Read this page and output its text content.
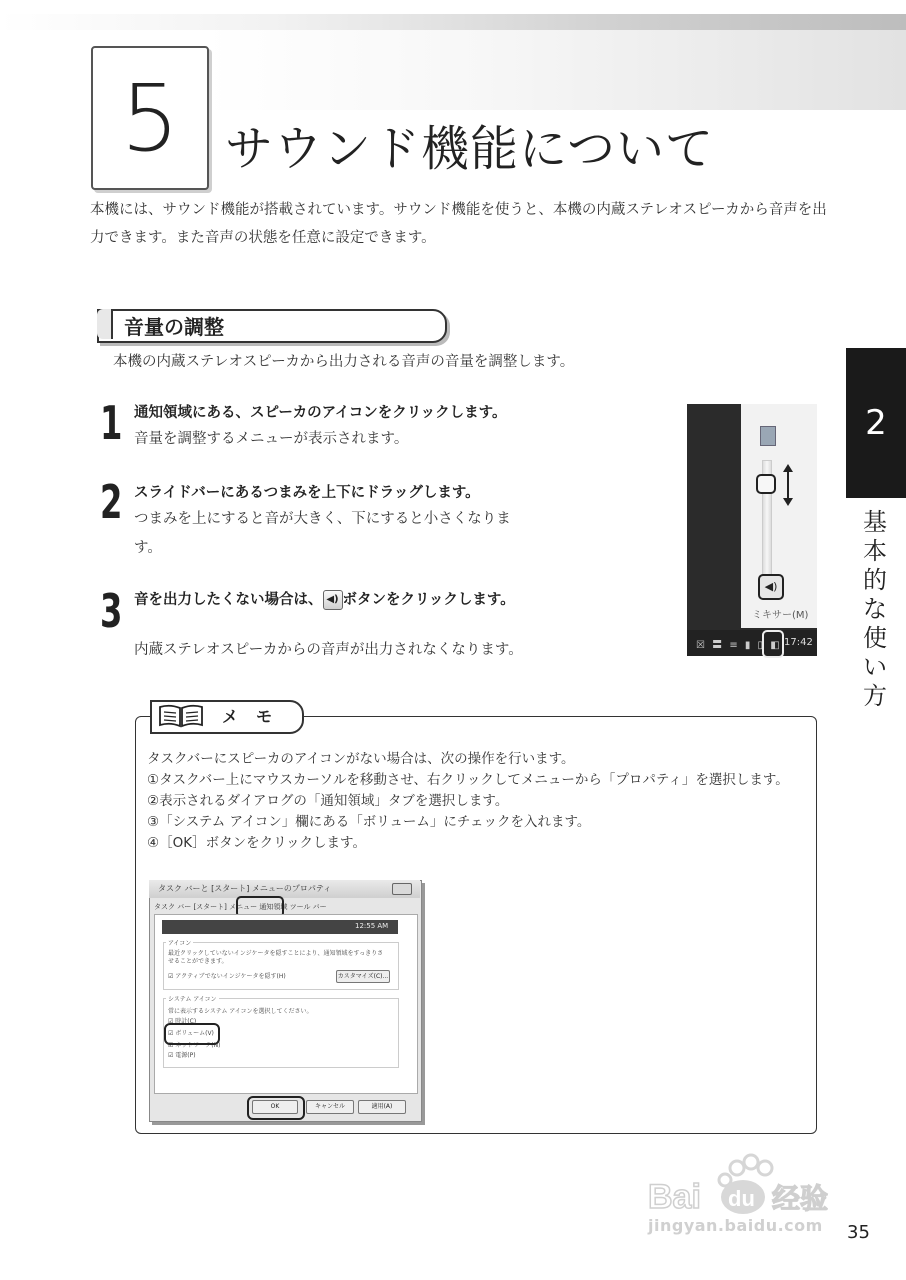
5 サウンド機能について
本機には、サウンド機能が搭載されています。サウンド機能を使うと、本機の内蔵ステレオスピーカから音声を出力できます。また音声の状態を任意に設定できます。
音量の調整
本機の内蔵ステレオスピーカから出力される音声の音量を調整します。
1 通知領域にある、スピーカのアイコンをクリックします。
音量を調整するメニューが表示されます。
2 スライドバーにあるつまみを上下にドラッグします。
つまみを上にすると音が大きく、下にすると小さくなります。
3 音を出力したくない場合は、 ◀) ボタンをクリックします。
内蔵ステレオスピーカからの音声が出力されなくなります。
◀)
ミキサー(M)
☒ 〓 ≡ ▮ ▯ ◧ 17:42
2
基本的な使い方
メモ
タスクバーにスピーカのアイコンがない場合は、次の操作を行います。
①タスクバー上にマウスカーソルを移動させ、右クリックしてメニューから「プロパティ」を選択します。
②表示されるダイアログの「通知領域」タブを選択します。
③「システム アイコン」欄にある「ボリューム」にチェックを入れます。
④［OK］ボタンをクリックします。
タスク バーと [スタート] メニューのプロパティ
タスク バー [スタート] メニュー 通知領域 ツール バー
12:55 AM
アイコン
最近クリックしていないインジケータを隠すことにより、通知領域をすっきりさせることができます。
☑ アクティブでないインジケータを隠す(H)	カスタマイズ(C)...
システム アイコン
常に表示するシステム アイコンを選択してください。
☑ 時計(C)
☑ ボリューム(V)
☑ ネットワーク(N)
☑ 電源(P)
OK	キャンセル	適用(A)
Bai du 经验
jingyan.baidu.com 35
